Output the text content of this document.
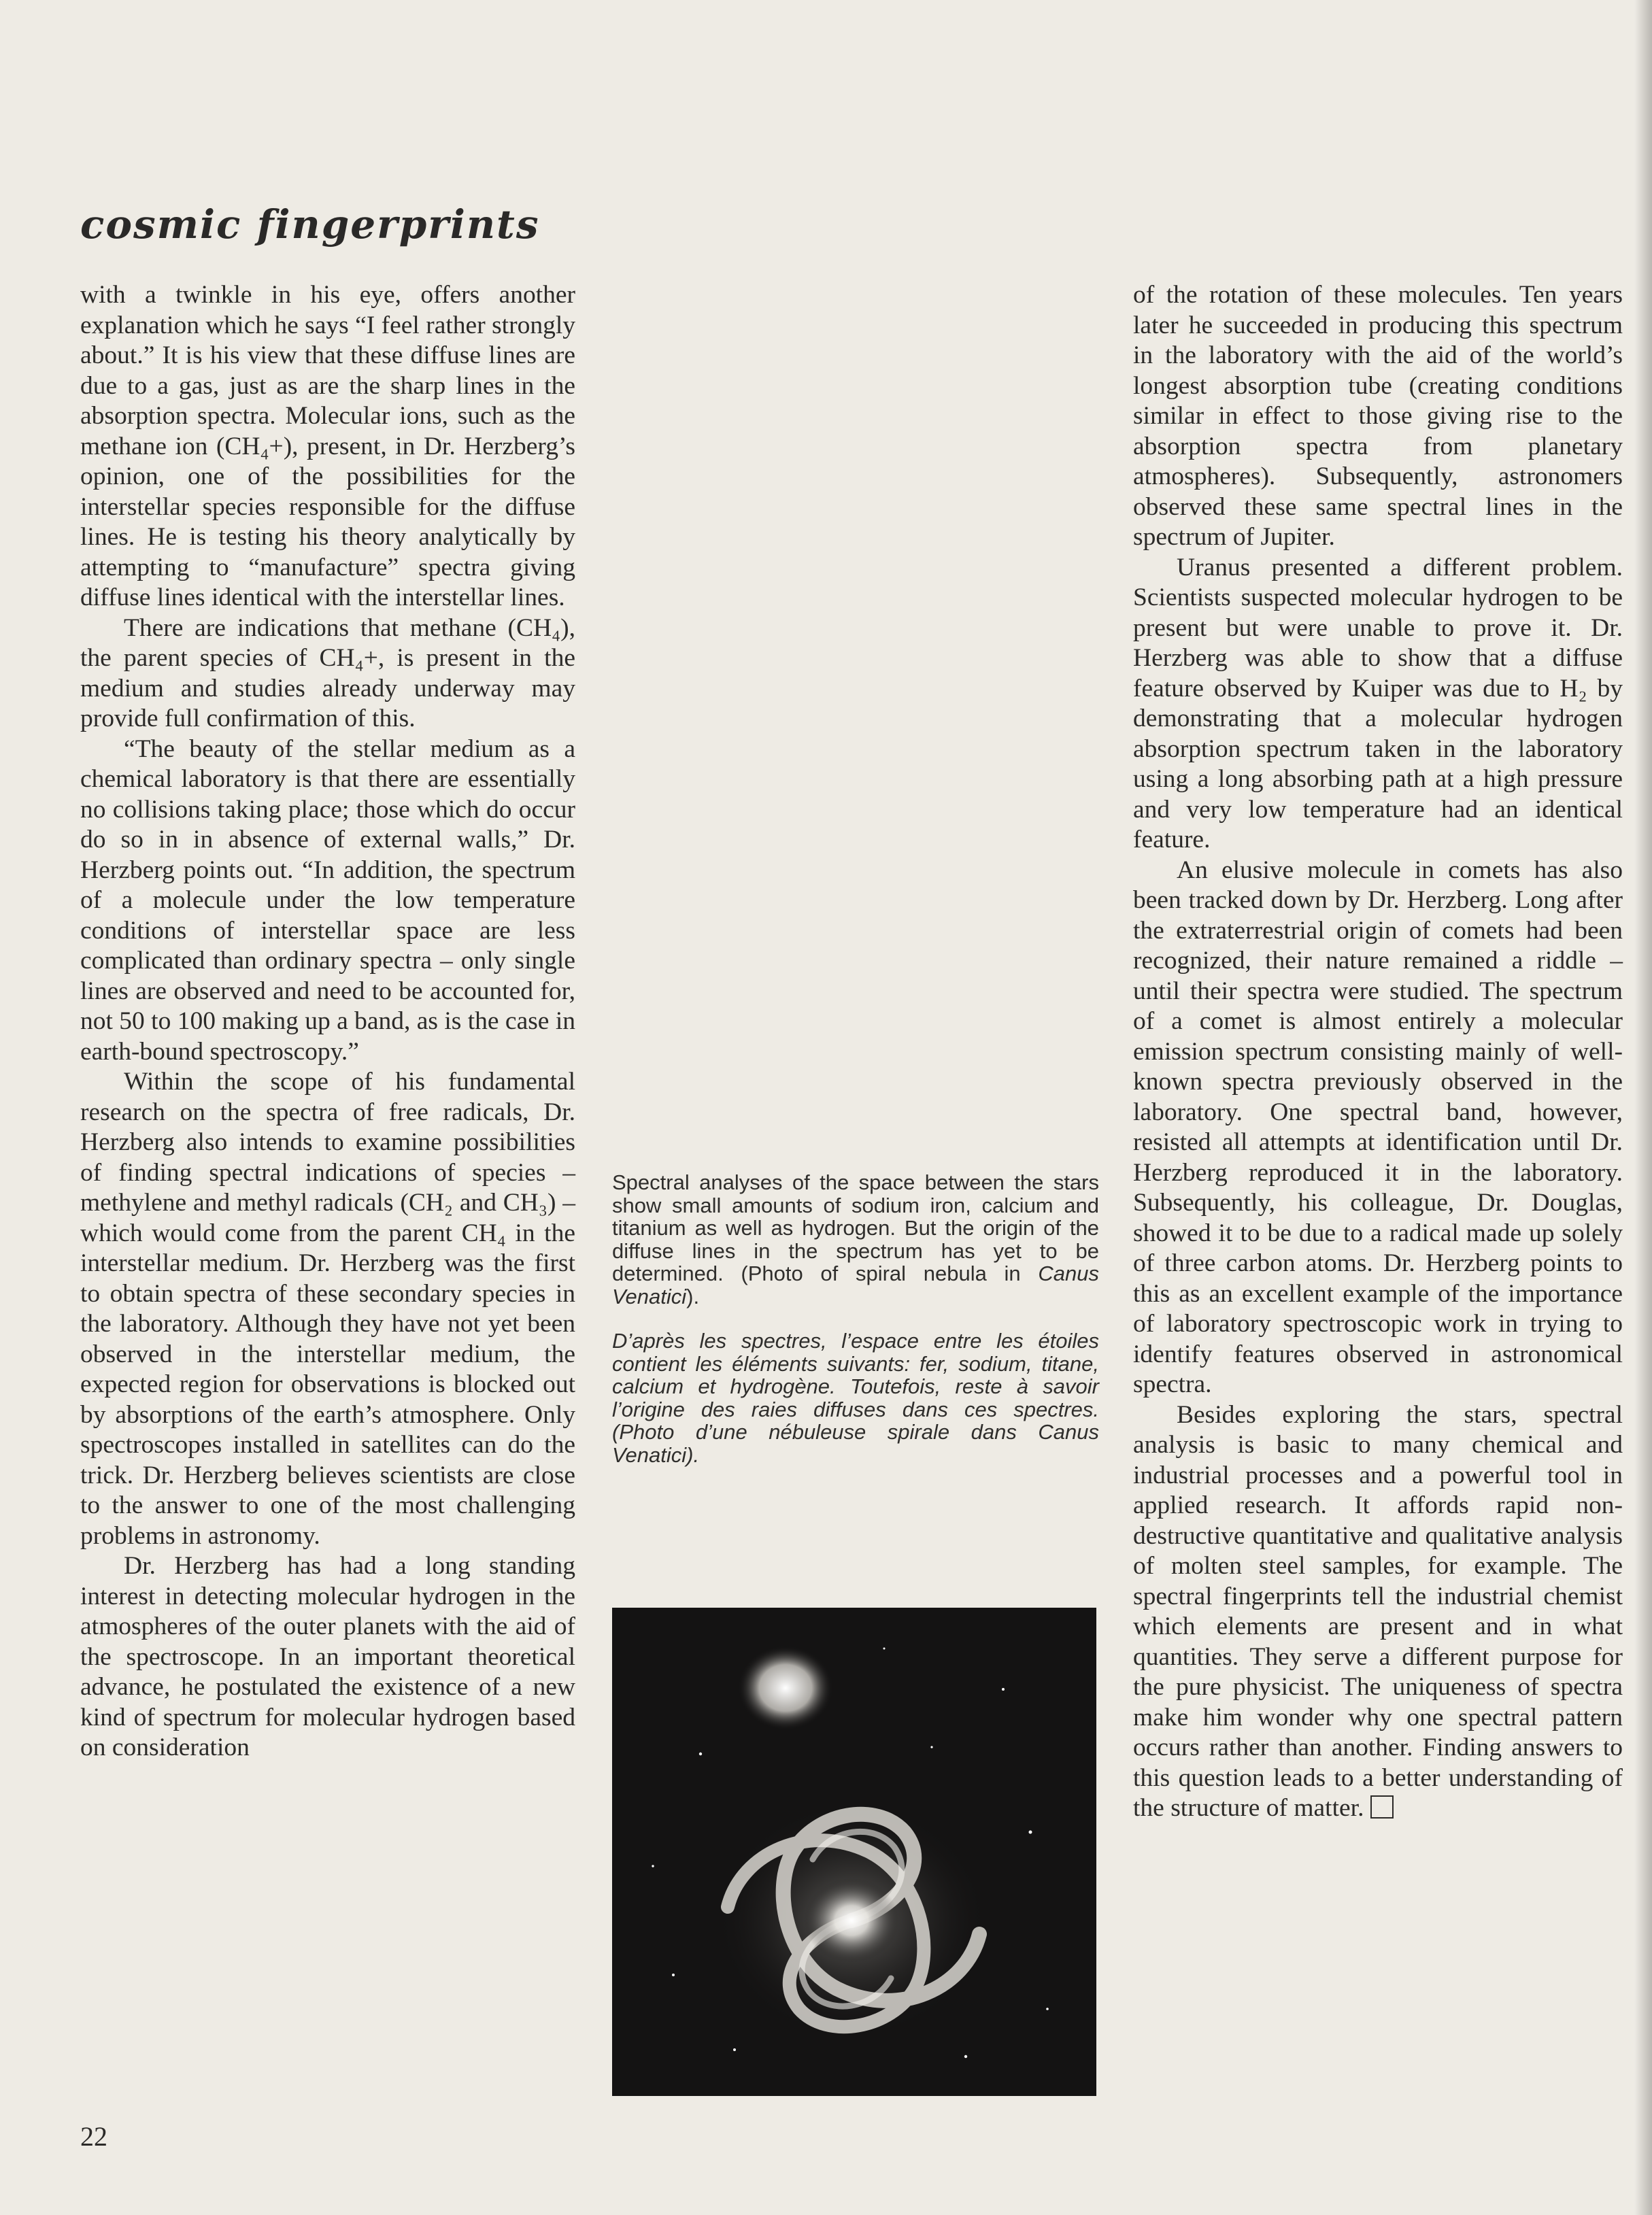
cosmic fingerprints

with a twinkle in his eye, offers another explanation which he says “I feel rather strongly about.” It is his view that these diffuse lines are due to a gas, just as are the sharp lines in the absorption spectra. Molecular ions, such as the methane ion (CH₄+), present, in Dr. Herzberg’s opinion, one of the possibilities for the interstellar species responsible for the diffuse lines. He is testing his theory analytically by attempting to “manufacture” spectra giving diffuse lines identical with the interstellar lines.

There are indications that methane (CH₄), the parent species of CH₄+, is present in the medium and studies already underway may provide full confirmation of this.

“The beauty of the stellar medium as a chemical laboratory is that there are essentially no collisions taking place; those which do occur do so in in absence of external walls,” Dr. Herzberg points out. “In addition, the spectrum of a molecule under the low temperature conditions of interstellar space are less complicated than ordinary spectra – only single lines are observed and need to be accounted for, not 50 to 100 making up a band, as is the case in earth-bound spectroscopy.”

Within the scope of his fundamental research on the spectra of free radicals, Dr. Herzberg also intends to examine possibilities of finding spectral indications of species – methylene and methyl radicals (CH₂ and CH₃) – which would come from the parent CH₄ in the interstellar medium. Dr. Herzberg was the first to obtain spectra of these secondary species in the laboratory. Although they have not yet been observed in the interstellar medium, the expected region for observations is blocked out by absorptions of the earth’s atmosphere. Only spectroscopes installed in satellites can do the trick. Dr. Herzberg believes scientists are close to the answer to one of the most challenging problems in astronomy.

Dr. Herzberg has had a long standing interest in detecting molecular hydrogen in the atmospheres of the outer planets with the aid of the spectroscope. In an important theoretical advance, he postulated the existence of a new kind of spectrum for molecular hydrogen based on consideration

Spectral analyses of the space between the stars show small amounts of sodium iron, calcium and titanium as well as hydrogen. But the origin of the diffuse lines in the spectrum has yet to be determined. (Photo of spiral nebula in Canus Venatici).

D’après les spectres, l’espace entre les étoiles contient les éléments suivants: fer, sodium, titane, calcium et hydrogène. Toutefois, reste à savoir l’origine des raies diffuses dans ces spectres. (Photo d’une nébuleuse spirale dans Canus Venatici).

of the rotation of these molecules. Ten years later he succeeded in producing this spectrum in the laboratory with the aid of the world’s longest absorption tube (creating conditions similar in effect to those giving rise to the absorption spectra from planetary atmospheres). Subsequently, astronomers observed these same spectral lines in the spectrum of Jupiter.

Uranus presented a different problem. Scientists suspected molecular hydrogen to be present but were unable to prove it. Dr. Herzberg was able to show that a diffuse feature observed by Kuiper was due to H₂ by demonstrating that a molecular hydrogen absorption spectrum taken in the laboratory using a long absorbing path at a high pressure and very low temperature had an identical feature.

An elusive molecule in comets has also been tracked down by Dr. Herzberg. Long after the extraterrestrial origin of comets had been recognized, their nature remained a riddle – until their spectra were studied. The spectrum of a comet is almost entirely a molecular emission spectrum consisting mainly of well-known spectra previously observed in the laboratory. One spectral band, however, resisted all attempts at identification until Dr. Herzberg reproduced it in the laboratory. Subsequently, his colleague, Dr. Douglas, showed it to be due to a radical made up solely of three carbon atoms. Dr. Herzberg points to this as an excellent example of the importance of laboratory spectroscopic work in trying to identify features observed in astronomical spectra.

Besides exploring the stars, spectral analysis is basic to many chemical and industrial processes and a powerful tool in applied research. It affords rapid non-destructive quantitative and qualitative analysis of molten steel samples, for example. The spectral fingerprints tell the industrial chemist which elements are present and in what quantities. They serve a different purpose for the pure physicist. The uniqueness of spectra make him wonder why one spectral pattern occurs rather than another. Finding answers to this question leads to a better understanding of the structure of matter.

22
